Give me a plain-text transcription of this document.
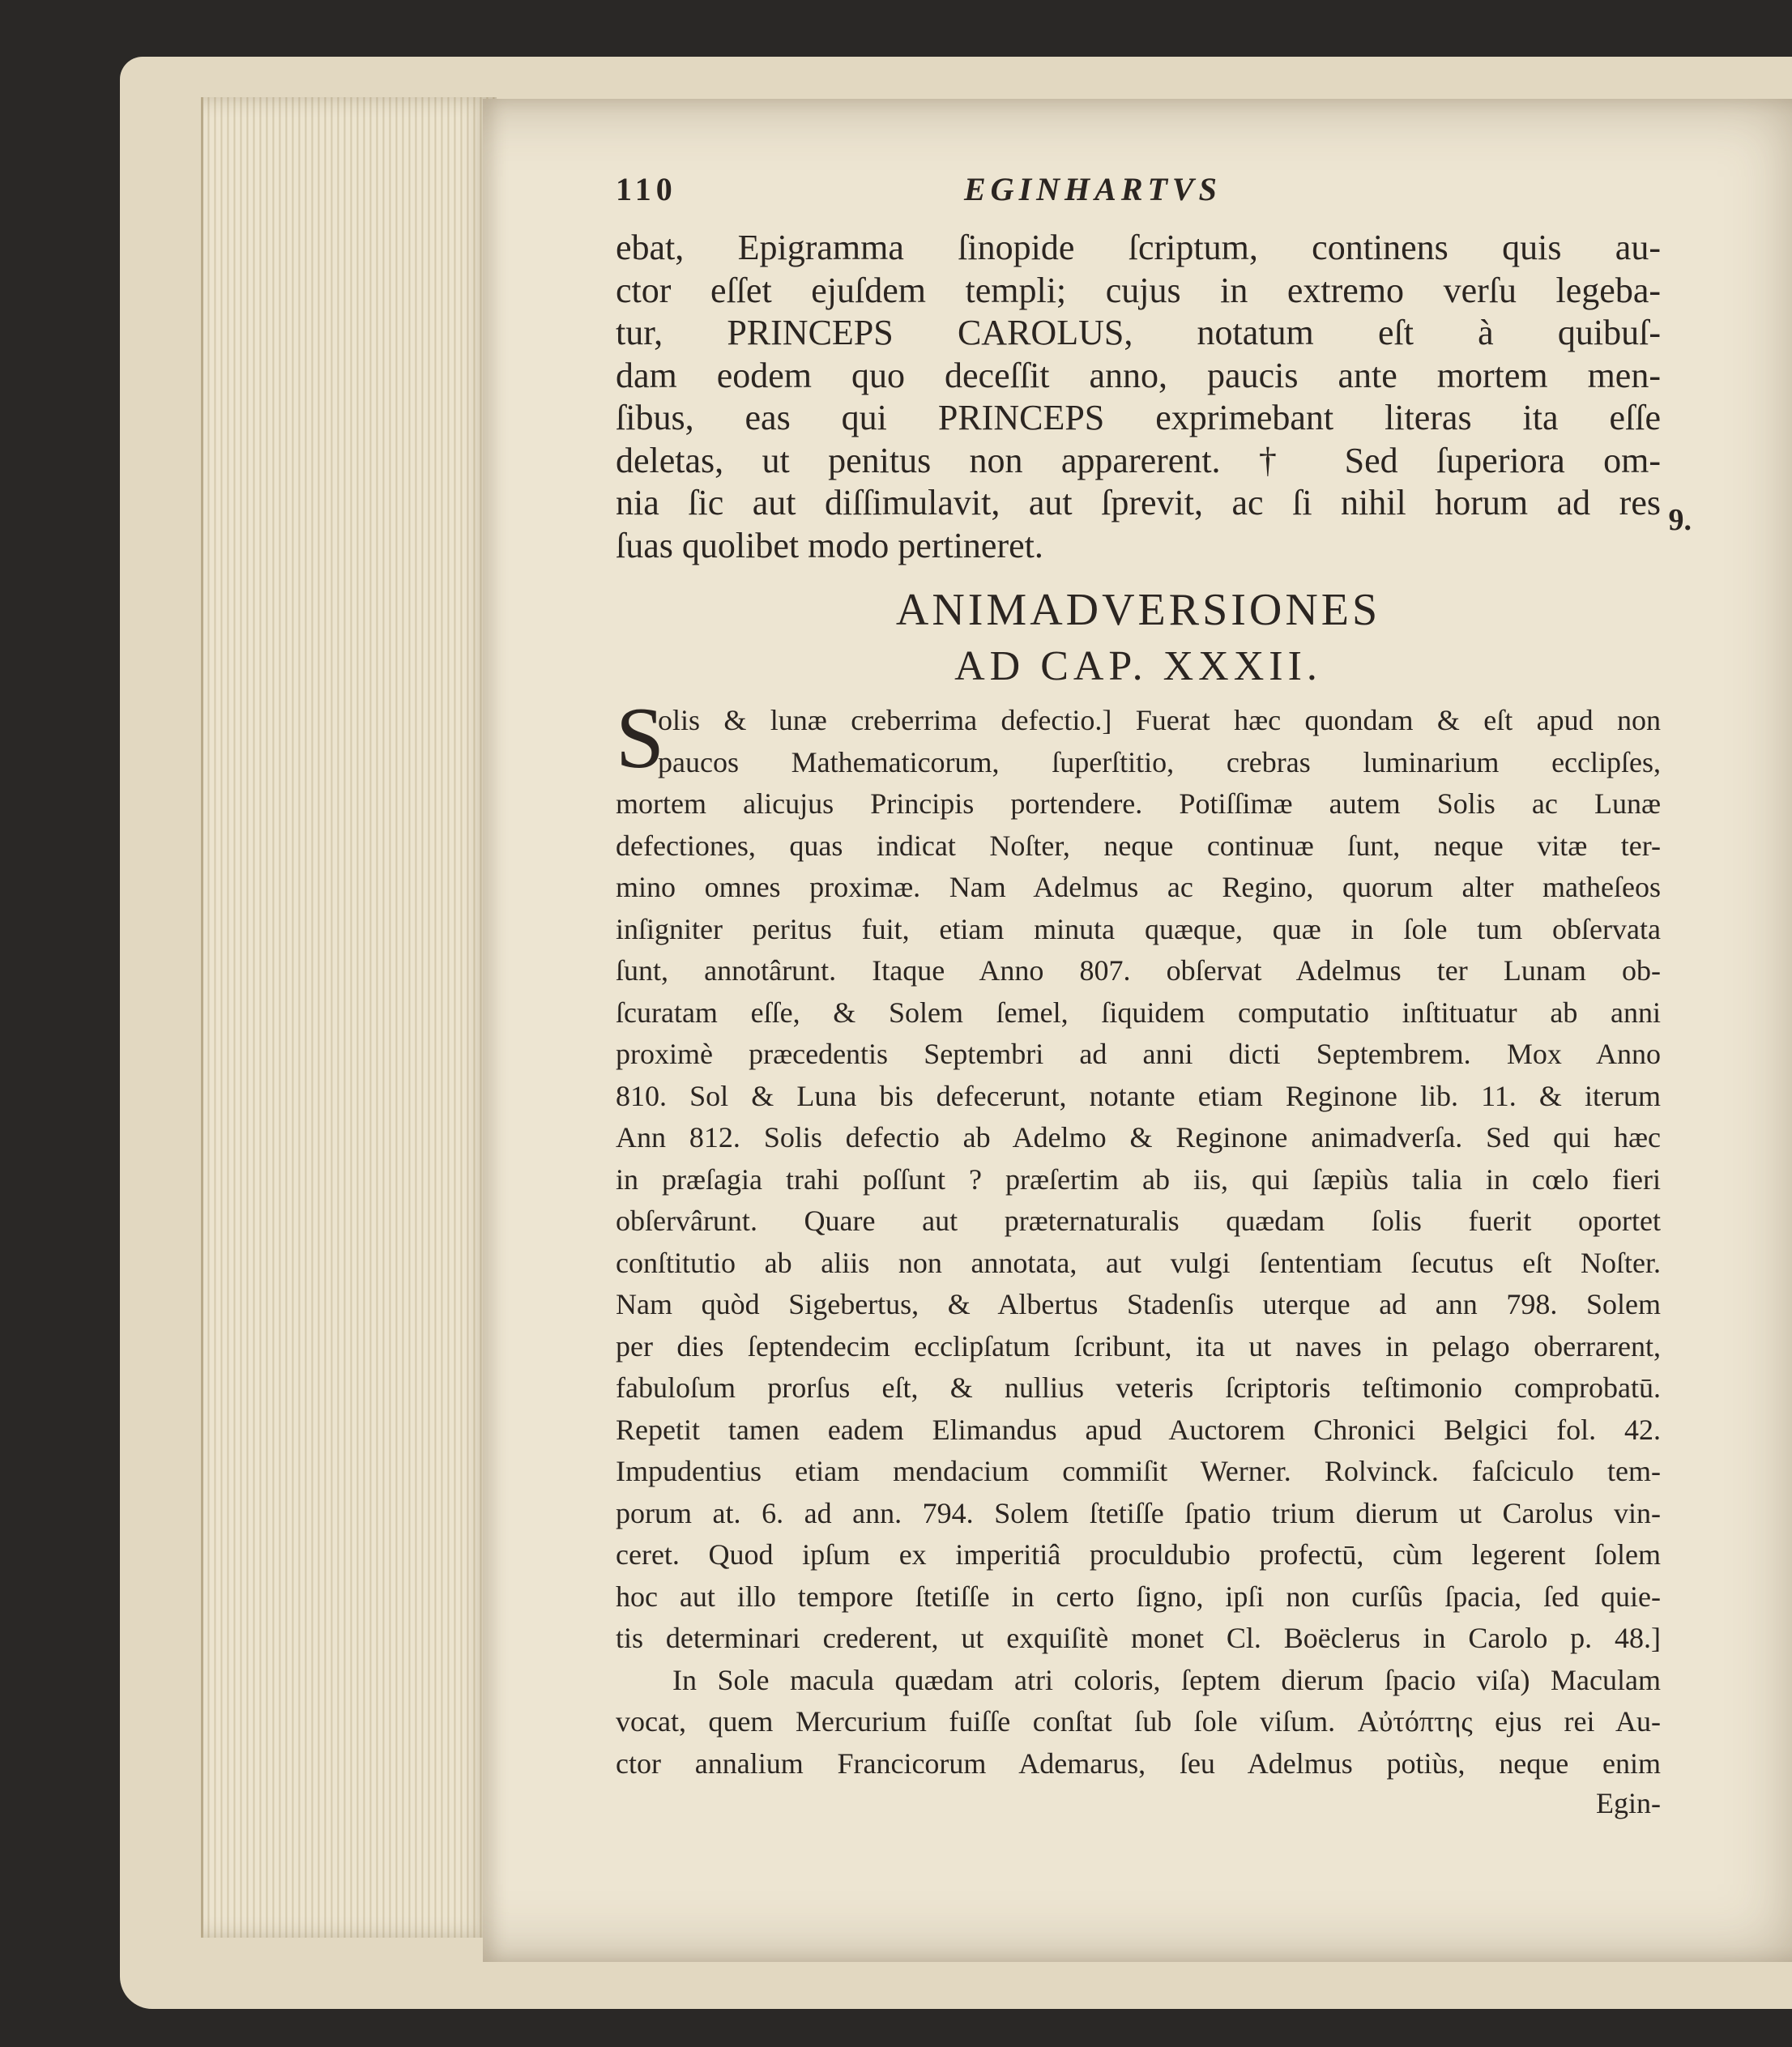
110	EGINHARTVS
ebat, Epigramma ſinopide ſcriptum, continens quis au-
ctor eſſet ejuſdem templi; cujus in extremo verſu legeba-
tur, PRINCEPS CAROLUS, notatum eſt à quibuſ-
dam eodem quo deceſſit anno, paucis ante mortem men-
ſibus, eas qui PRINCEPS exprimebant literas ita eſſe
deletas, ut penitus non apparerent. † Sed ſuperiora om-
nia ſic aut diſſimulavit, aut ſprevit, ac ſi nihil horum ad res
ſuas quolibet modo pertineret.
9.
ANIMADVERSIONES
AD CAP. XXXII.
S
olis & lunæ creberrima defectio.] Fuerat hæc quondam & eſt apud non
paucos Mathematicorum, ſuperſtitio, crebras luminarium ecclipſes,
mortem alicujus Principis portendere. Potiſſimæ autem Solis ac Lunæ
defectiones, quas indicat Noſter, neque continuæ ſunt, neque vitæ ter-
mino omnes proximæ. Nam Adelmus ac Regino, quorum alter matheſeos
inſigniter peritus fuit, etiam minuta quæque, quæ in ſole tum obſervata
ſunt, annotârunt. Itaque Anno 807. obſervat Adelmus ter Lunam ob-
ſcuratam eſſe, & Solem ſemel, ſiquidem computatio inſtituatur ab anni
proximè præcedentis Septembri ad anni dicti Septembrem. Mox Anno
810. Sol & Luna bis defecerunt, notante etiam Reginone lib. 11. & iterum
Ann 812. Solis defectio ab Adelmo & Reginone animadverſa. Sed qui hæc
in præſagia trahi poſſunt ? præſertim ab iis, qui ſæpiùs talia in cœlo fieri
obſervârunt. Quare aut præternaturalis quædam ſolis fuerit oportet
conſtitutio ab aliis non annotata, aut vulgi ſententiam ſecutus eſt Noſter.
Nam quòd Sigebertus, & Albertus Stadenſis uterque ad ann 798. Solem
per dies ſeptendecim ecclipſatum ſcribunt, ita ut naves in pelago oberrarent,
fabuloſum prorſus eſt, & nullius veteris ſcriptoris teſtimonio comprobatū.
Repetit tamen eadem Elimandus apud Auctorem Chronici Belgici fol. 42.
Impudentius etiam mendacium commiſit Werner. Rolvinck. faſciculo tem-
porum at. 6. ad ann. 794. Solem ſtetiſſe ſpatio trium dierum ut Carolus vin-
ceret. Quod ipſum ex imperitiâ proculdubio profectū, cùm legerent ſolem
hoc aut illo tempore ſtetiſſe in certo ſigno, ipſi non curſûs ſpacia, ſed quie-
tis determinari crederent, ut exquiſitè monet Cl. Boëclerus in Carolo p. 48.]
In Sole macula quædam atri coloris, ſeptem dierum ſpacio viſa) Maculam
vocat, quem Mercurium fuiſſe conſtat ſub ſole viſum. Αὐτόπτης ejus rei Au-
ctor annalium Francicorum Ademarus, ſeu Adelmus potiùs, neque enim
Egin-
